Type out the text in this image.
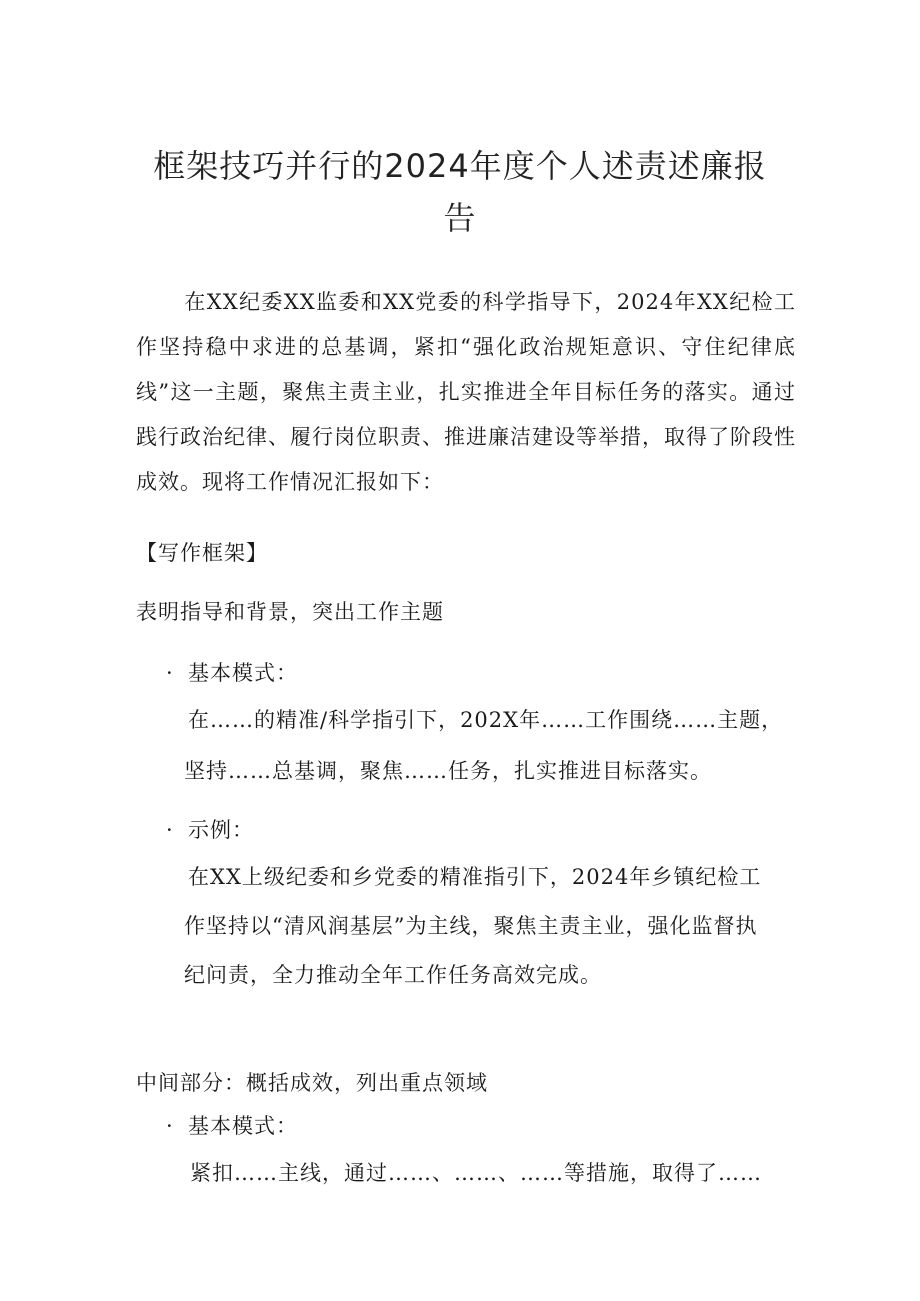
框架技巧并行的2024年度个人述责述廉报告
在XX纪委XX监委和XX党委的科学指导下，2024年XX纪检工作坚持稳中求进的总基调，紧扣“强化政治规矩意识、守住纪律底线”这一主题，聚焦主责主业，扎实推进全年目标任务的落实。通过践行政治纪律、履行岗位职责、推进廉洁建设等举措，取得了阶段性成效。现将工作情况汇报如下：
【写作框架】
表明指导和背景，突出工作主题
· 基本模式：
在……的精准/科学指引下，202X年……工作围绕……主题，
坚持……总基调，聚焦……任务，扎实推进目标落实。
· 示例：
在XX上级纪委和乡党委的精准指引下，2024年乡镇纪检工
作坚持以“清风润基层”为主线，聚焦主责主业，强化监督执
纪问责，全力推动全年工作任务高效完成。
中间部分：概括成效，列出重点领域
· 基本模式：
紧扣……主线，通过……、……、……等措施，取得了……
